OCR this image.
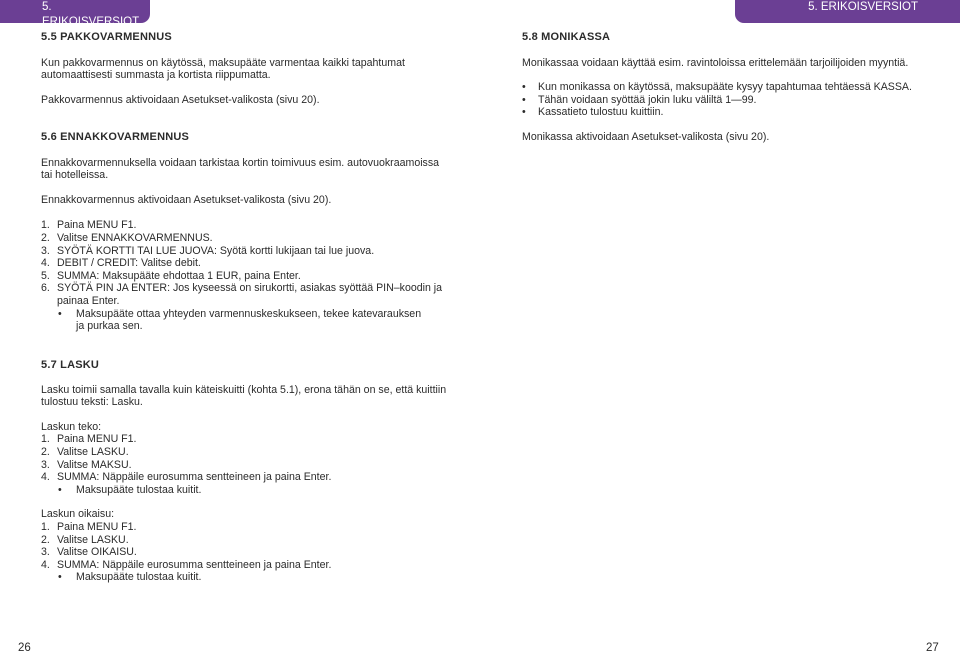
5. ERIKOISVERSIOT
5. ERIKOISVERSIOT
5.5 PAKKOVARMENNUS

Kun pakkovarmennus on käytössä, maksupääte varmentaa kaikki tapahtumat

automaattisesti summasta ja kortista riippumatta.

Pakkovarmennus aktivoidaan Asetukset-valikosta (sivu 20).

5.6 ENNAKKOVARMENNUS

Ennakkovarmennuksella voidaan tarkistaa kortin toimivuus esim. autovuokraamoissa

tai hotelleissa.

Ennakkovarmennus aktivoidaan Asetukset-valikosta (sivu 20).

1. Paina MENU F1.
2. Valitse ENNAKKOVARMENNUS.
3. SYÖTÄ KORTTI TAI LUE JUOVA: Syötä kortti lukijaan tai lue juova.
4. DEBIT / CREDIT: Valitse debit.
5. SUMMA: Maksupääte ehdottaa 1 EUR, paina Enter.
6. SYÖTÄ PIN JA ENTER: Jos kyseessä on sirukortti, asiakas syöttää PIN–koodin ja
painaa Enter.
•	Maksupääte ottaa yhteyden varmennuskeskukseen, tekee katevarauksen
ja purkaa sen.
5.7 LASKU

Lasku toimii samalla tavalla kuin käteiskuitti (kohta 5.1), erona tähän on se, että kuittiin

tulostuu teksti: Lasku.

Laskun teko:

1. Paina MENU F1.
2. Valitse LASKU.
3. Valitse MAKSU.
4. SUMMA: Näppäile eurosumma sentteineen ja paina Enter.
•	Maksupääte tulostaa kuitit.

Laskun oikaisu:

1. Paina MENU F1.
2. Valitse LASKU.
3. Valitse OIKAISU.
4. SUMMA: Näppäile eurosumma sentteineen ja paina Enter.
•	Maksupääte tulostaa kuitit.
26
5.8 MONIKASSA

Monikassaa voidaan käyttää esim. ravintoloissa erittelemään tarjoilijoiden myyntiä.

•	Kun monikassa on käytössä, maksupääte kysyy tapahtumaa tehtäessä KASSA.
•	Tähän voidaan syöttää jokin luku väliltä 1—99.
•	Kassatieto tulostuu kuittiin.

Monikassa aktivoidaan Asetukset-valikosta (sivu 20).

27
